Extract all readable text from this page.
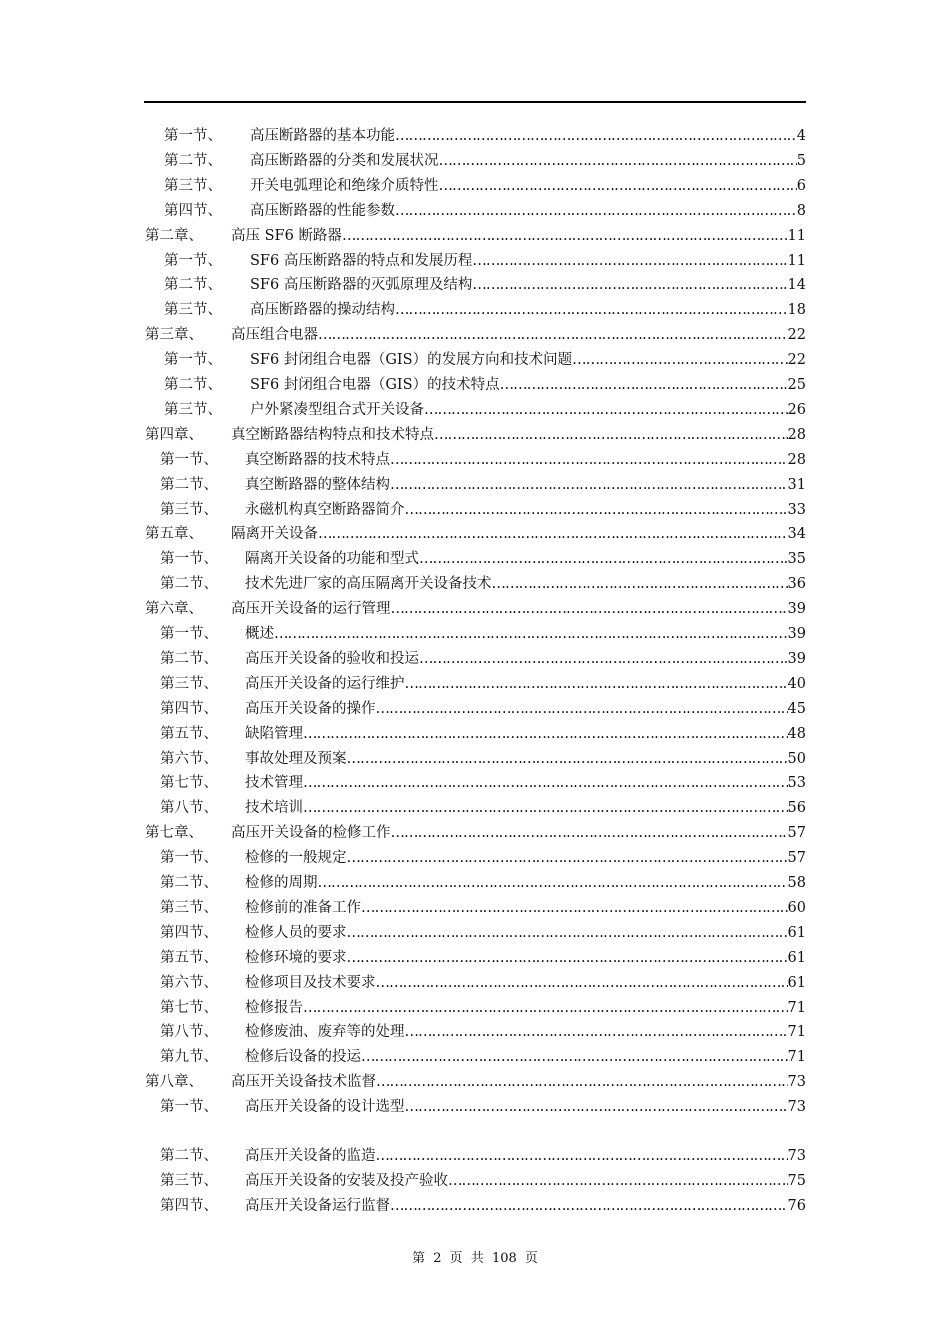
第一节、	高压断路器的基本功能 ……………………………………………………………………………………………………………………………………………………………………………………	4
第二节、	高压断路器的分类和发展状况 ……………………………………………………………………………………………………………………………………………………………………………………	5
第三节、	开关电弧理论和绝缘介质特性 ……………………………………………………………………………………………………………………………………………………………………………………	6
第四节、	高压断路器的性能参数 ……………………………………………………………………………………………………………………………………………………………………………………	8
第二章、	高压 SF6 断路器 ……………………………………………………………………………………………………………………………………………………………………………………	11
第一节、	SF6 高压断路器的特点和发展历程 ……………………………………………………………………………………………………………………………………………………………………………………	11
第二节、	SF6 高压断路器的灭弧原理及结构 ……………………………………………………………………………………………………………………………………………………………………………………	14
第三节、	高压断路器的操动结构 ……………………………………………………………………………………………………………………………………………………………………………………	18
第三章、	高压组合电器 ……………………………………………………………………………………………………………………………………………………………………………………	22
第一节、	SF6 封闭组合电器（GIS）的发展方向和技术问题 ……………………………………………………………………………………………………………………………………………………………………………………	22
第二节、	SF6 封闭组合电器（GIS）的技术特点 ……………………………………………………………………………………………………………………………………………………………………………………	25
第三节、	户外紧凑型组合式开关设备 ……………………………………………………………………………………………………………………………………………………………………………………	26
第四章、	真空断路器结构特点和技术特点 ……………………………………………………………………………………………………………………………………………………………………………………	28
第一节、	真空断路器的技术特点 ……………………………………………………………………………………………………………………………………………………………………………………	28
第二节、	真空断路器的整体结构 ……………………………………………………………………………………………………………………………………………………………………………………	31
第三节、	永磁机构真空断路器简介 ……………………………………………………………………………………………………………………………………………………………………………………	33
第五章、	隔离开关设备 ……………………………………………………………………………………………………………………………………………………………………………………	34
第一节、	隔离开关设备的功能和型式 ……………………………………………………………………………………………………………………………………………………………………………………	35
第二节、	技术先进厂家的高压隔离开关设备技术 ……………………………………………………………………………………………………………………………………………………………………………………	36
第六章、	高压开关设备的运行管理 ……………………………………………………………………………………………………………………………………………………………………………………	39
第一节、	概述 ……………………………………………………………………………………………………………………………………………………………………………………	39
第二节、	高压开关设备的验收和投运 ……………………………………………………………………………………………………………………………………………………………………………………	39
第三节、	高压开关设备的运行维护 ……………………………………………………………………………………………………………………………………………………………………………………	40
第四节、	高压开关设备的操作 ……………………………………………………………………………………………………………………………………………………………………………………	45
第五节、	缺陷管理 ……………………………………………………………………………………………………………………………………………………………………………………	48
第六节、	事故处理及预案 ……………………………………………………………………………………………………………………………………………………………………………………	50
第七节、	技术管理 ……………………………………………………………………………………………………………………………………………………………………………………	53
第八节、	技术培训 ……………………………………………………………………………………………………………………………………………………………………………………	56
第七章、	高压开关设备的检修工作 ……………………………………………………………………………………………………………………………………………………………………………………	57
第一节、	检修的一般规定 ……………………………………………………………………………………………………………………………………………………………………………………	57
第二节、	检修的周期 ……………………………………………………………………………………………………………………………………………………………………………………	58
第三节、	检修前的准备工作 ……………………………………………………………………………………………………………………………………………………………………………………	60
第四节、	检修人员的要求 ……………………………………………………………………………………………………………………………………………………………………………………	61
第五节、	检修环境的要求 ……………………………………………………………………………………………………………………………………………………………………………………	61
第六节、	检修项目及技术要求 ……………………………………………………………………………………………………………………………………………………………………………………	61
第七节、	检修报告 ……………………………………………………………………………………………………………………………………………………………………………………	71
第八节、	检修废油、废弃等的处理 ……………………………………………………………………………………………………………………………………………………………………………………	71
第九节、	检修后设备的投运 ……………………………………………………………………………………………………………………………………………………………………………………	71
第八章、	高压开关设备技术监督 ……………………………………………………………………………………………………………………………………………………………………………………	73
第一节、	高压开关设备的设计选型 ……………………………………………………………………………………………………………………………………………………………………………………	73
第二节、	高压开关设备的监造 ……………………………………………………………………………………………………………………………………………………………………………………	73
第三节、	高压开关设备的安装及投产验收 ……………………………………………………………………………………………………………………………………………………………………………………	75
第四节、	高压开关设备运行监督 ……………………………………………………………………………………………………………………………………………………………………………………	76
第 2 页 共 108 页
